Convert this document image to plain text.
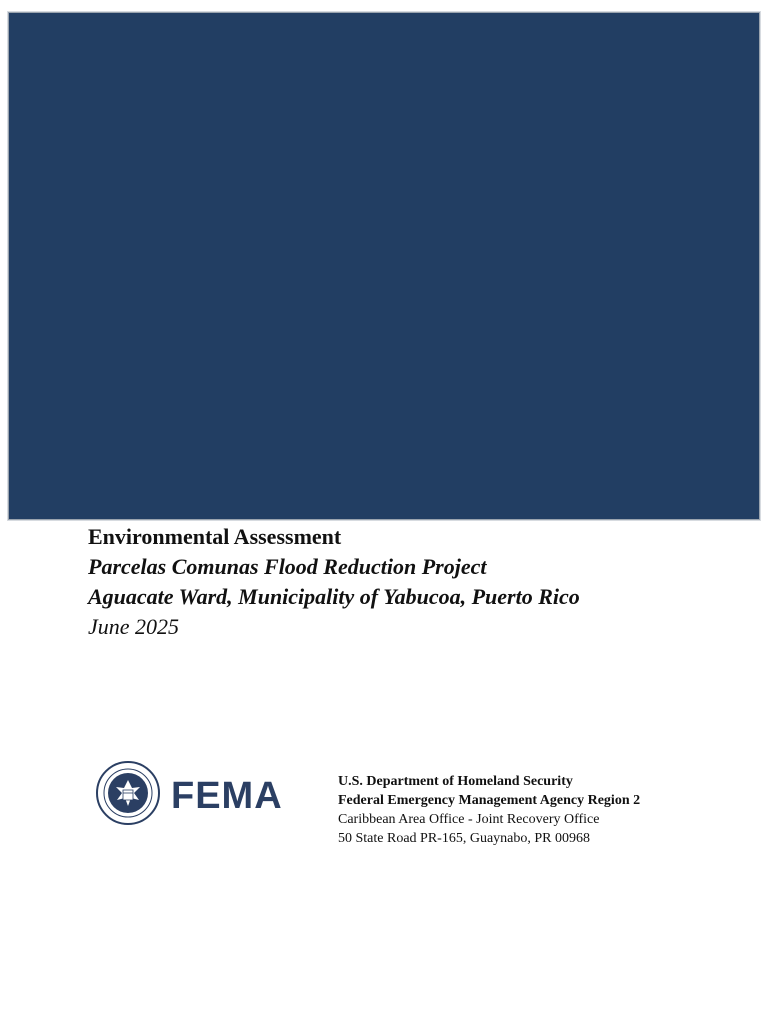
Environmental Assessment

Parcelas Comunas Flood Reduction Project

Aguacate Ward, Municipality of Yabucoa, Puerto Rico

June 2025

FEMA	U.S. Department of Homeland Security

Federal Emergency Management Agency Region 2

Caribbean Area Office - Joint Recovery Office

50 State Road PR-165, Guaynabo, PR 00968
